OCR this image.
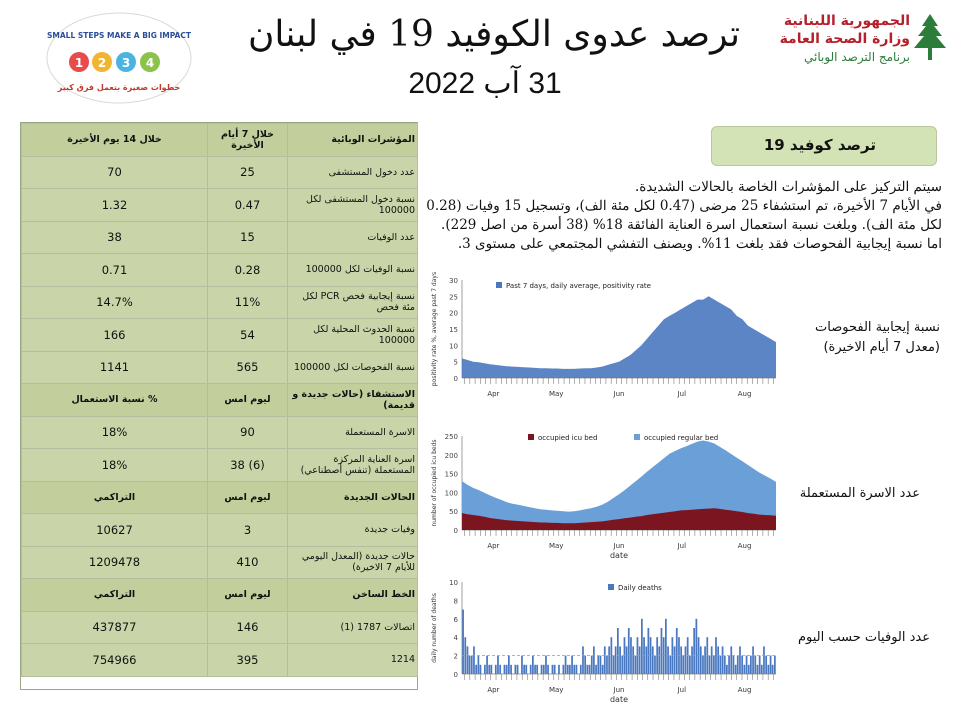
ترصد عدوى الكوفيد 19 في لبنان
31 آب 2022
الجمهورية اللبنانية
وزارة الصحة العامة
برنامج الترصد الوبائي
SMALL STEPS MAKE A BIG IMPACT
1 2 3 4
خطوات صغيرة بتعمل فرق كبير
خلال 14 يوم الأخيرة	خلال 7 أيام الأخيرة	المؤشرات الوبائية
70	25	عدد دخول المستشفى
1.32	0.47	نسبة دخول المستشفى لكل 100000
38	15	عدد الوفيات
0.71	0.28	نسبة الوفيات لكل 100000
14.7%	11%	نسبة إيجابية فحص PCR لكل مئة فحص
166	54	نسبة الحدوث المحلية لكل 100000
1141	565	نسبة الفحوصات لكل 100000
% نسبة الاستعمال	ليوم امس	الاستشفاء (حالات جديدة و قديمة)
18%	90	الاسرة المستعملة
18%	38 (6)	اسرة العناية المركزة المستعملة (تنفس أصطناعي)
التراكمي	ليوم امس	الحالات الجديدة
10627	3	وفيات جديدة
1209478	410	حالات جديدة (المعدل اليومي للأيام 7 الاخيرة)
التراكمي	ليوم امس	الخط الساخن
437877	146	اتصالات 1787 (1)
754966	395	1214
ترصد كوفيد 19

سيتم التركيز على المؤشرات الخاصة بالحالات الشديدة.

في الأيام 7 الأخيرة، تم استشفاء 25 مرضى (0.47 لكل مئة الف)، وتسجيل 15 وفيات (0.28 لكل مئة الف). وبلغت نسبة استعمال اسرة العناية الفائقة 18% (38 أسرة من اصل 229).

اما نسبة إيجابية الفحوصات فقد بلغت 11%. ويصنف التفشي المجتمعي على مستوى 3.

0
5
10
15
20
25
30
Apr	May	Jun	Jul	Aug
positivity rate %, average past 7 days	Past 7 days, daily average, positivity rate
0
50
100
150
200
250
Apr	May	Jun	Jul	Aug
number of occupied icu beds
date
occupied icu bed	occupied regular bed
0
2
4
6
8
10
Apr	May	Jun	Jul	Aug
daily number of deaths
date
Daily deaths
نسبة إيجابية الفحوصات (معدل 7 أيام الاخيرة)
عدد الاسرة المستعملة
عدد الوفيات حسب اليوم
